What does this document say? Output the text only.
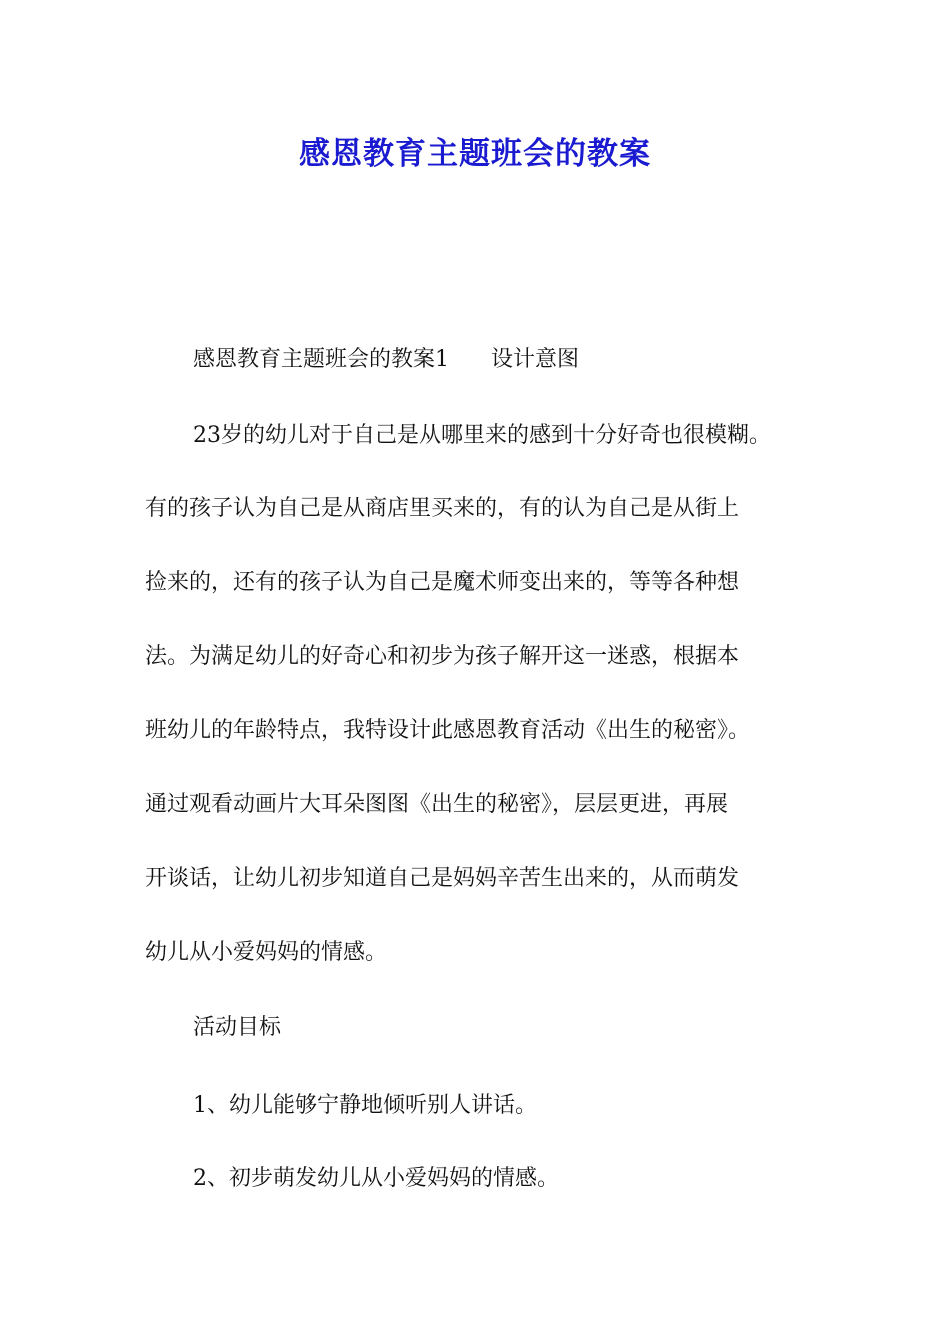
感恩教育主题班会的教案
感恩教育主题班会的教案1 设计意图
23岁的幼儿对于自己是从哪里来的感到十分好奇也很模糊。
有的孩子认为自己是从商店里买来的，有的认为自己是从街上
捡来的，还有的孩子认为自己是魔术师变出来的，等等各种想
法。为满足幼儿的好奇心和初步为孩子解开这一迷惑，根据本
班幼儿的年龄特点，我特设计此感恩教育活动《出生的秘密》。
通过观看动画片大耳朵图图《出生的秘密》，层层更进，再展
开谈话，让幼儿初步知道自己是妈妈辛苦生出来的，从而萌发
幼儿从小爱妈妈的情感。
活动目标
1、幼儿能够宁静地倾听别人讲话。
2、初步萌发幼儿从小爱妈妈的情感。
